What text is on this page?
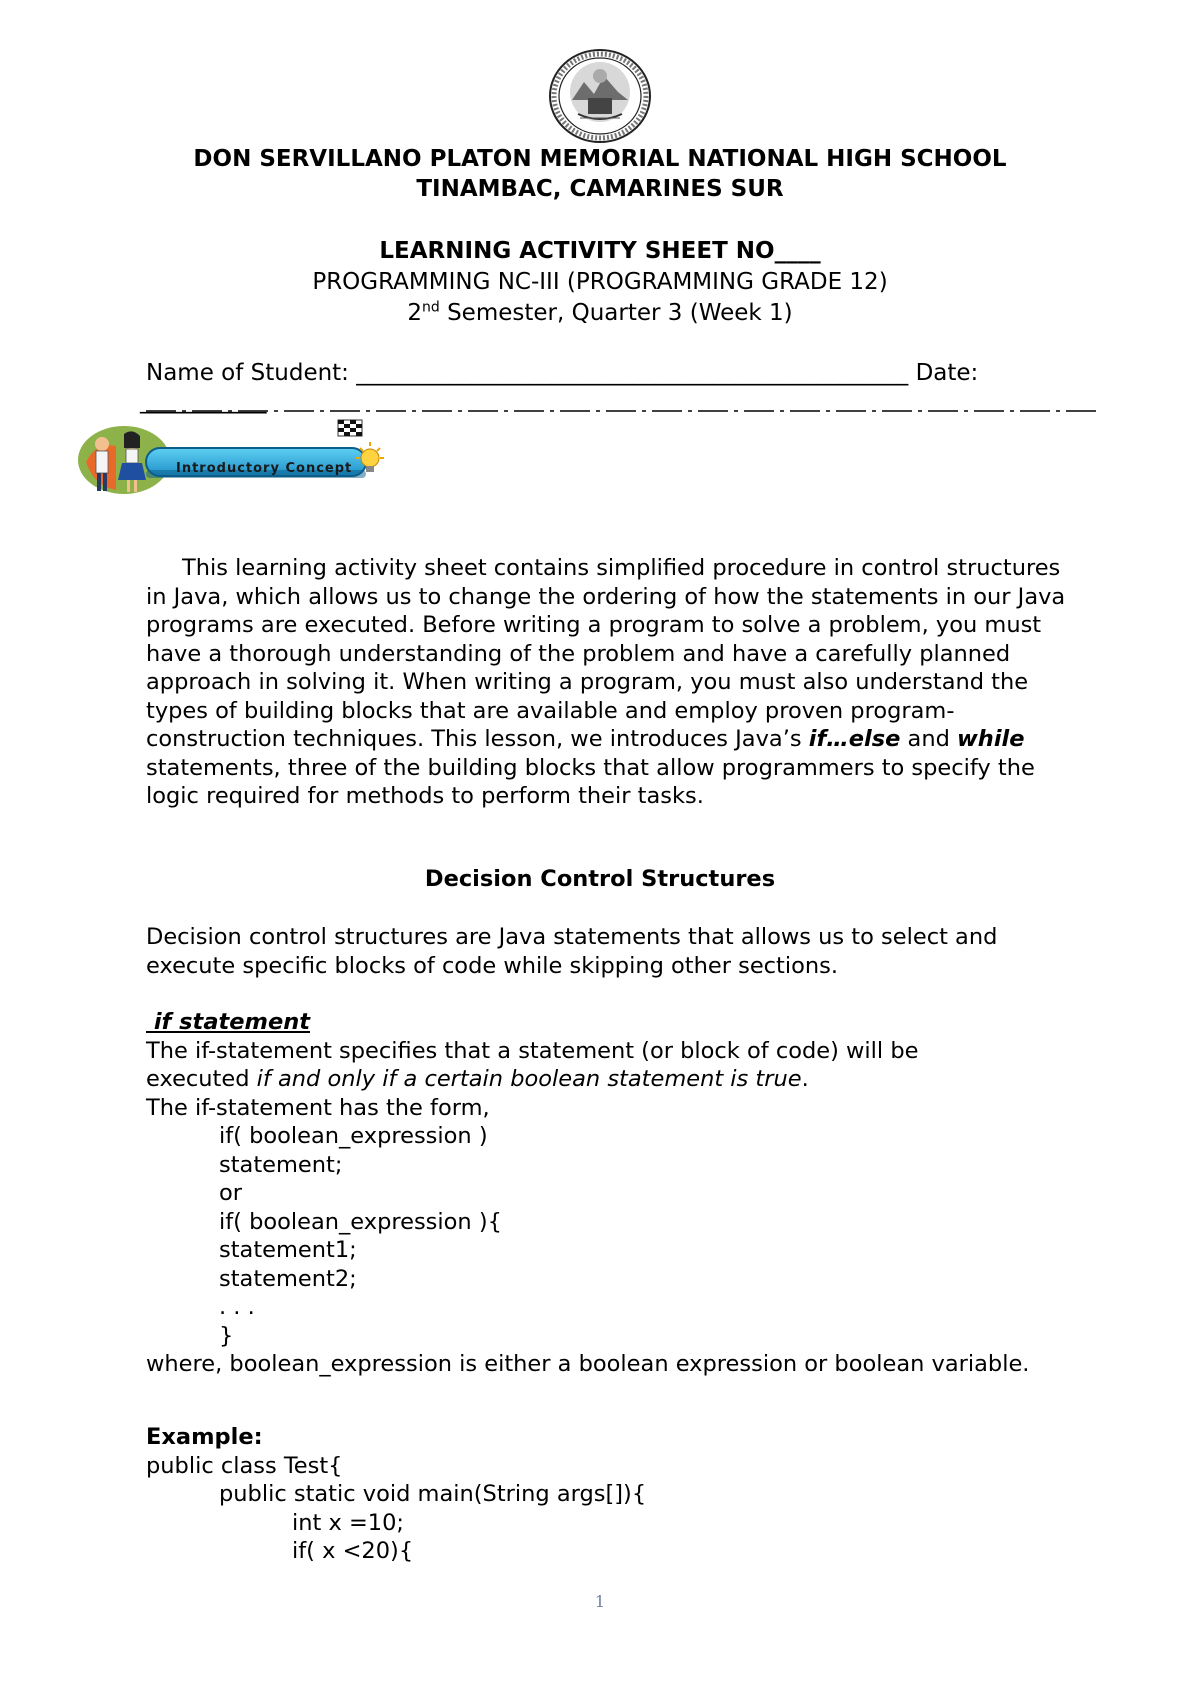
DON SERVILLANO PLATON MEMORIAL NATIONAL HIGH SCHOOL
TINAMBAC, CAMARINES SUR
LEARNING ACTIVITY SHEET NO____
PROGRAMMING NC-III (PROGRAMMING GRADE 12)
2nd Semester, Quarter 3 (Week 1)
Name of Student: ________________________________________________ Date:
___________
Introductory Concept

This learning activity sheet contains simplified procedure in control structures in Java, which allows us to change the ordering of how the statements in our Java programs are executed. Before writing a program to solve a problem, you must have a thorough understanding of the problem and have a carefully planned approach in solving it. When writing a program, you must also understand the types of building blocks that are available and employ proven program-construction techniques. This lesson, we introduces Java’s if…else and while statements, three of the building blocks that allow programmers to specify the logic required for methods to perform their tasks.

Decision Control Structures
Decision control structures are Java statements that allows us to select and execute specific blocks of code while skipping other sections.

if statement

The if-statement specifies that a statement (or block of code) will be

executed if and only if a certain boolean statement is true.

The if-statement has the form,

if( boolean_expression )

statement;

or

if( boolean_expression ){

statement1;

statement2;

. . .

}

where, boolean_expression is either a boolean expression or boolean variable.

Example:

public class Test{

public static void main(String args[]){

int x =10;

if( x <20){

1
